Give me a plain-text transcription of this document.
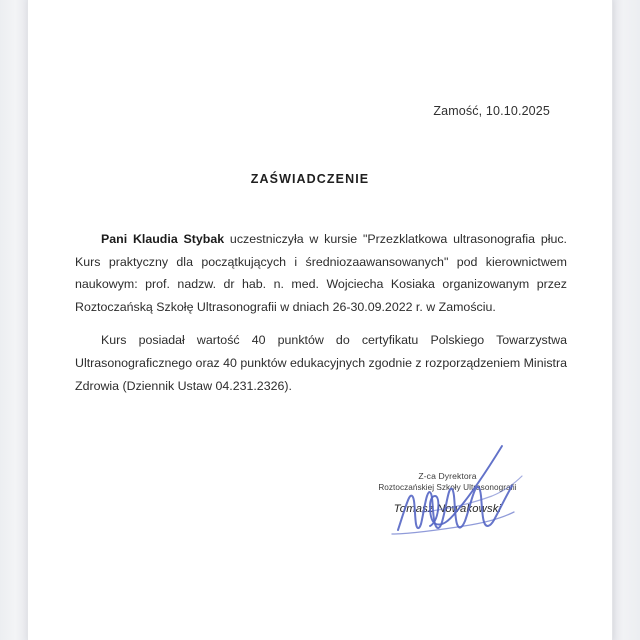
Zamość, 10.10.2025
ZAŚWIADCZENIE

Pani Klaudia Stybak uczestniczyła w kursie "Przezklatkowa ultrasonografia płuc. Kurs praktyczny dla początkujących i średniozaawansowanych" pod kierownictwem naukowym: prof. nadzw. dr hab. n. med. Wojciecha Kosiaka organizowanym przez Roztoczańską Szkołę Ultrasonografii w dniach 26-30.09.2022 r. w Zamościu.

Kurs posiadał wartość 40 punktów do certyfikatu Polskiego Towarzystwa Ultrasonograficznego oraz 40 punktów edukacyjnych zgodnie z rozporządzeniem Ministra Zdrowia (Dziennik Ustaw 04.231.2326).

Z-ca Dyrektora
Roztoczańskiej Szkoły Ultrasonografii
Tomasz Nowakowski
